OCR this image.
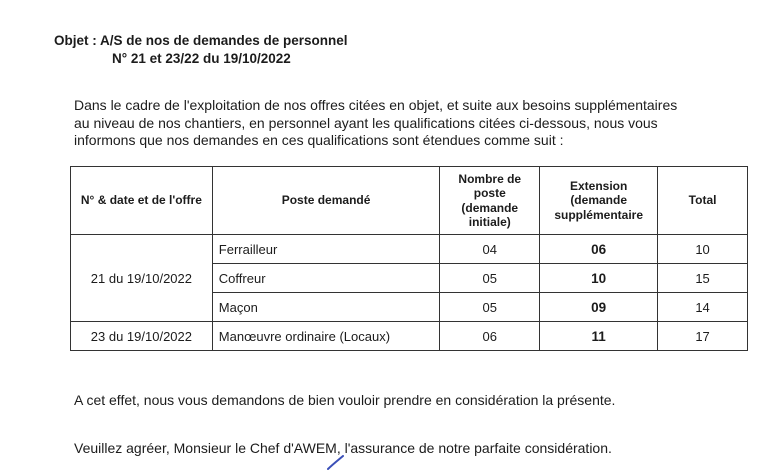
Objet : A/S de nos de demandes de personnel
N° 21 et 23/22 du 19/10/2022
Dans le cadre de l'exploitation de nos offres citées en objet, et suite aux besoins supplémentaires
au niveau de nos chantiers, en personnel ayant les qualifications citées ci-dessous, nous vous
informons que nos demandes en ces qualifications sont étendues comme suit :
N° & date et de l'offre	Poste demandé	Nombre de poste (demande initiale)	Extension (demande supplémentaire	Total
21 du 19/10/2022	Ferrailleur	04	06	10
	Coffreur	05	10	15
	Maçon	05	09	14
23 du 19/10/2022	Manœuvre ordinaire (Locaux)	06	11	17
A cet effet, nous vous demandons de bien vouloir prendre en considération la présente.
Veuillez agréer, Monsieur le Chef d'AWEM, l'assurance de notre parfaite considération.
